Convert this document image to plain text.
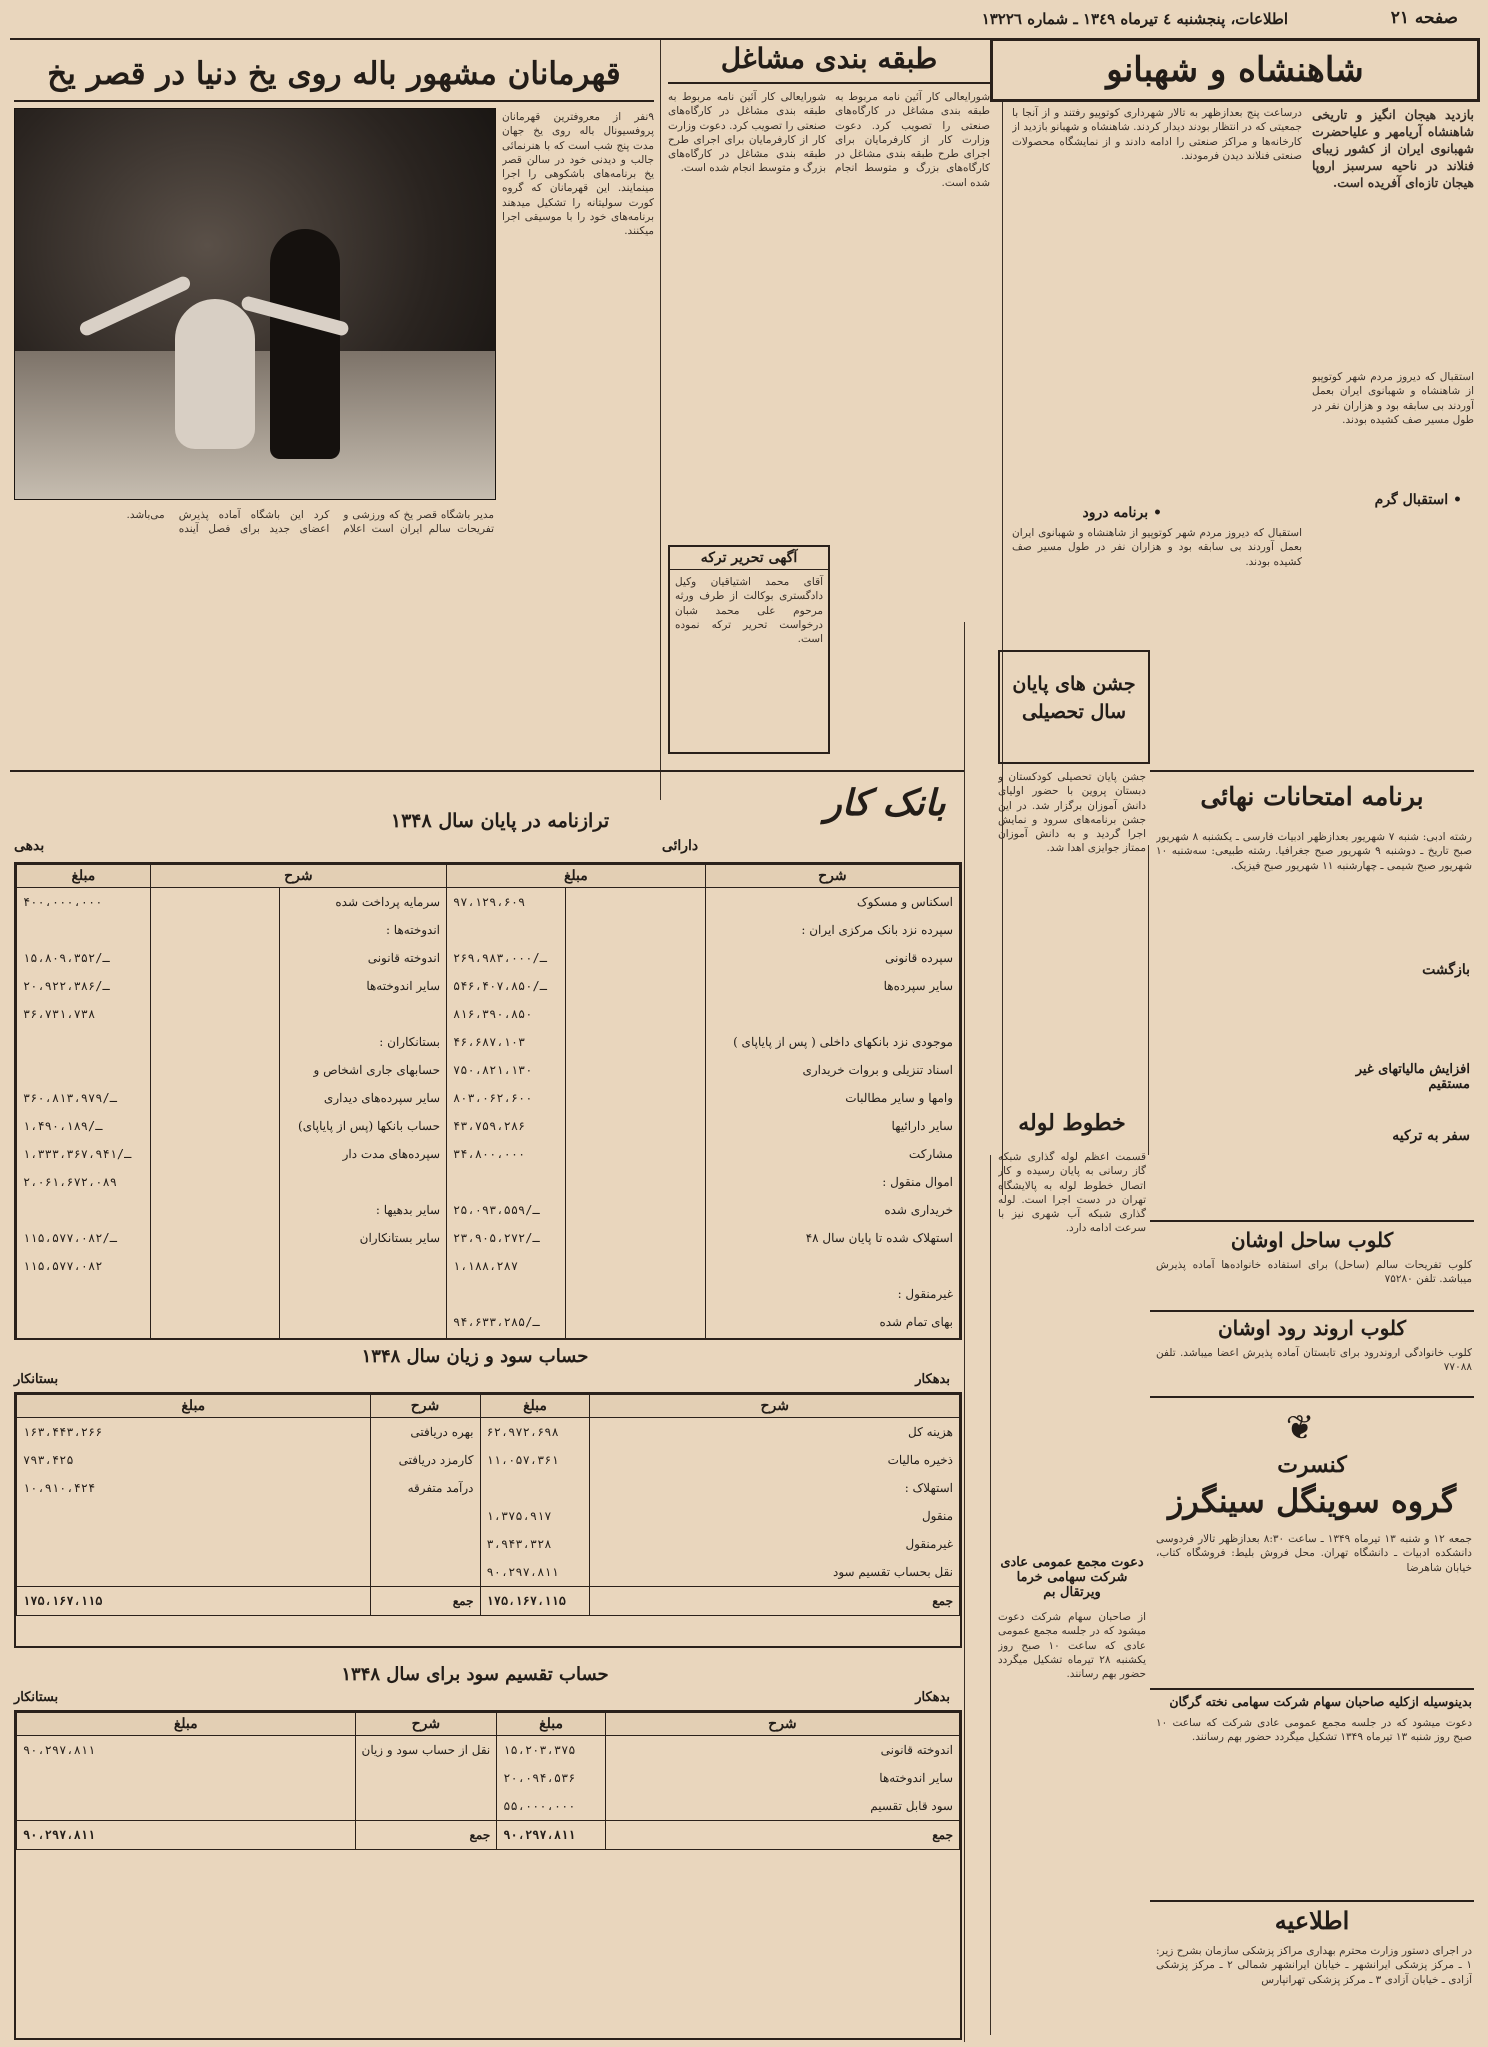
صفحه ۲۱
اطلاعات، پنجشنبه ٤ تیرماه ١٣٤٩ ـ شماره ١٣٢٢٦
شاهنشاه و شهبانو
بازدید هیجان انگیز و تاریخی شاهنشاه آریامهر و علیاحضرت شهبانوی ایران از کشور زیبای فنلاند در ناحیه سرسبز اروپا هیجان تازه‌ای آفریده است.
درساعت پنج بعدازظهر به تالار شهرداری کوتوپیو رفتند و از آنجا با جمعیتی که در انتظار بودند دیدار کردند. شاهنشاه و شهبانو بازدید از کارخانه‌ها و مراکز صنعتی را ادامه دادند و از نمایشگاه محصولات صنعتی فنلاند دیدن فرمودند.
استقبال که دیروز مردم شهر کوتوپیو از شاهنشاه و شهبانوی ایران بعمل آوردند بی سابقه بود و هزاران نفر در طول مسیر صف کشیده بودند.
• استقبال گرم
• برنامه درود
استقبال که دیروز مردم شهر کوتوپیو از شاهنشاه و شهبانوی ایران بعمل آوردند بی سابقه بود و هزاران نفر در طول مسیر صف کشیده بودند.
طبقه بندی مشاغل
شورایعالی کار آئین نامه مربوط به طبقه بندی مشاغل در کارگاه‌های صنعتی را تصویب کرد. دعوت وزارت کار از کارفرمایان برای اجرای طرح طبقه بندی مشاغل در کارگاه‌های بزرگ و متوسط انجام شده است.
شورایعالی کار آئین نامه مربوط به طبقه بندی مشاغل در کارگاه‌های صنعتی را تصویب کرد. دعوت وزارت کار از کارفرمایان برای اجرای طرح طبقه بندی مشاغل در کارگاه‌های بزرگ و متوسط انجام شده است.
آگهی تحریر ترکه
آقای محمد اشتیاقیان وکیل دادگستری بوکالت از طرف ورثه مرحوم علی محمد شبان درخواست تحریر ترکه نموده است.
قهرمانان مشهور باله روی یخ دنیا در قصر یخ
۹نفر از معروفترین قهرمانان پروفسیونال باله روی یخ جهان مدت پنج شب است که با هنرنمائی جالب و دیدنی خود در سالن قصر یخ برنامه‌های باشکوهی را اجرا مینمایند. این قهرمانان که گروه کورت سولیتانه را تشکیل میدهند برنامه‌های خود را با موسیقی اجرا میکنند.
مدیر باشگاه قصر یخ که ورزشی و تفریحات سالم ایران است اعلام کرد این باشگاه آماده پذیرش اعضای جدید برای فصل آینده می‌باشد.
جشن های پایان سال تحصیلی
جشن پایان تحصیلی کودکستان و دبستان پروین با حضور اولیای دانش آموزان برگزار شد. در این جشن برنامه‌های سرود و نمایش اجرا گردید و به دانش آموزان ممتاز جوایزی اهدا شد.
خطوط لوله
قسمت اعظم لوله گذاری شبکه گاز رسانی به پایان رسیده و کار اتصال خطوط لوله به پالایشگاه تهران در دست اجرا است. لوله گذاری شبکه آب شهری نیز با سرعت ادامه دارد.
دعوت مجمع عمومی عادی شرکت سهامی خرما ویرتقال بم
از صاحبان سهام شرکت دعوت میشود که در جلسه مجمع عمومی عادی که ساعت ۱۰ صبح روز یکشنبه ۲۸ تیرماه تشکیل میگردد حضور بهم رسانند.
برنامه امتحانات نهائی
رشته ادبی: شنبه ۷ شهریور بعدازظهر ادبیات فارسی ـ یکشنبه ۸ شهریور صبح تاریخ ـ دوشنبه ۹ شهریور صبح جغرافیا. رشته طبیعی: سه‌شنبه ۱۰ شهریور صبح شیمی ـ چهارشنبه ۱۱ شهریور صبح فیزیک.
بازگشت
افزایش مالیاتهای غیر مستقیم
سفر به ترکیه
کلوب ساحل اوشان
کلوب تفریحات سالم (ساحل) برای استفاده خانواده‌ها آماده پذیرش میباشد. تلفن ۷۵۲۸۰
کلوب اروند رود اوشان
کلوب خانوادگی اروندرود برای تابستان آماده پذیرش اعضا میباشد. تلفن ۷۷۰۸۸
❦
کنسرت
گروه سوینگل سینگرز
جمعه ۱۲ و شنبه ۱۳ تیرماه ۱۳۴۹ ـ ساعت ۸:۳۰ بعدازظهر تالار فردوسی دانشکده ادبیات ـ دانشگاه تهران. محل فروش بلیط: فروشگاه کتاب، خیابان شاهرضا
بدینوسیله ازکلیه صاحبان سهام شرکت سهامی نخته گرگان
دعوت میشود که در جلسه مجمع عمومی عادی شرکت که ساعت ۱۰ صبح روز شنبه ۱۳ تیرماه ۱۳۴۹ تشکیل میگردد حضور بهم رسانند.
اطلاعیه
در اجرای دستور وزارت محترم بهداری مراکز پزشکی سازمان بشرح زیر: ۱ ـ مرکز پزشکی ایرانشهر ـ خیابان ایرانشهر شمالی ۲ ـ مرکز پزشکی آزادی ـ خیابان آزادی ۳ ـ مرکز پزشکی تهرانپارس
بانک کار
ترازنامه در پایان سال ۱۳۴۸
دارائی
بدهی
شرح	مبلغ		شرح		مبلغ
اسکناس و مسکوک		۹۷،۱۲۹،۶۰۹	سرمایه پرداخت شده		۴۰۰،۰۰۰،۰۰۰
سپرده نزد بانک مرکزی ایران :			اندوخته‌ها :		
سپرده قانونی		۲۶۹،۹۸۳،۰۰۰/ـ	اندوخته قانونی		۱۵،۸۰۹،۳۵۲/ـ
سایر سپرده‌ها		۵۴۶،۴۰۷،۸۵۰/ـ	سایر اندوخته‌ها		۲۰،۹۲۲،۳۸۶/ـ
		۸۱۶،۳۹۰،۸۵۰			۳۶،۷۳۱،۷۳۸
موجودی نزد بانکهای داخلی ( پس از پایاپای )		۴۶،۶۸۷،۱۰۳	بستانکاران :		
اسناد تنزیلی و بروات خریداری		۷۵۰،۸۲۱،۱۳۰	حسابهای جاری اشخاص و		
وامها و سایر مطالبات		۸۰۳،۰۶۲،۶۰۰	سایر سپرده‌های دیداری		۳۶۰،۸۱۳،۹۷۹/ـ
سایر دارائیها		۴۳،۷۵۹،۲۸۶	حساب بانکها (پس از پایاپای)		۱،۴۹۰،۱۸۹/ـ
مشارکت		۳۴،۸۰۰،۰۰۰	سپرده‌های مدت دار		۱،۳۳۳،۳۶۷،۹۴۱/ـ
اموال منقول :					۲،۰۶۱،۶۷۲،۰۸۹
خریداری شده		۲۵،۰۹۳،۵۵۹/ـ	سایر بدهیها :		
استهلاک شده تا پایان سال ۴۸		۲۳،۹۰۵،۲۷۲/ـ	سایر بستانکاران		۱۱۵،۵۷۷،۰۸۲/ـ
		۱،۱۸۸،۲۸۷			۱۱۵،۵۷۷،۰۸۲
غیرمنقول :					
بهای تمام شده		۹۴،۶۳۳،۲۸۵/ـ			

حساب سود و زیان سال ۱۳۴۸
بدهکار
بستانکار
شرح	مبلغ	شرح	مبلغ
هزینه کل	۶۲،۹۷۲،۶۹۸	بهره دریافتی	۱۶۳،۴۴۳،۲۶۶
ذخیره مالیات	۱۱،۰۵۷،۳۶۱	کارمزد دریافتی	۷۹۳،۴۲۵
استهلاک :		درآمد متفرقه	۱۰،۹۱۰،۴۲۴
منقول	۱،۳۷۵،۹۱۷		
غیرمنقول	۳،۹۴۳،۳۲۸		
نقل بحساب تقسیم سود	۹۰،۲۹۷،۸۱۱		
جمع	۱۷۵،۱۶۷،۱۱۵	جمع	۱۷۵،۱۶۷،۱۱۵
حساب تقسیم سود برای سال ۱۳۴۸
بدهکار
بستانکار
شرح	مبلغ	شرح	مبلغ
اندوخته قانونی	۱۵،۲۰۳،۳۷۵	نقل از حساب سود و زیان	۹۰،۲۹۷،۸۱۱
سایر اندوخته‌ها	۲۰،۰۹۴،۵۳۶		
سود قابل تقسیم	۵۵،۰۰۰،۰۰۰		
جمع	۹۰،۲۹۷،۸۱۱	جمع	۹۰،۲۹۷،۸۱۱
